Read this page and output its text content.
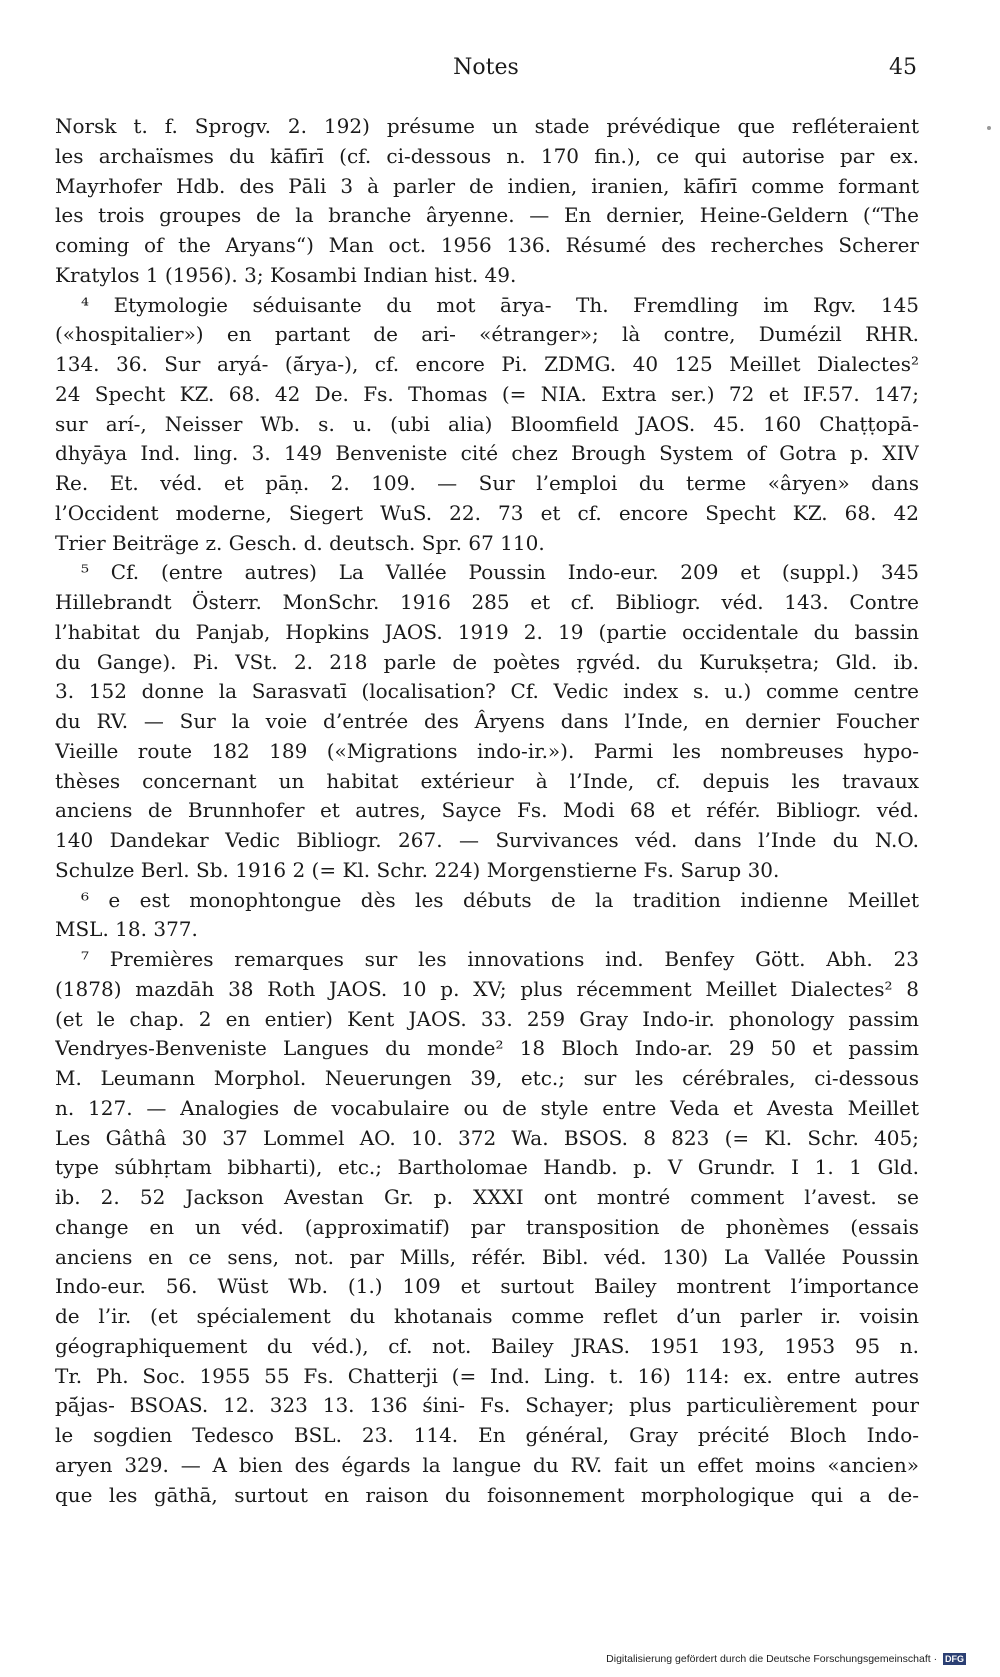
Notes	45
Norsk t. f. Sprogv. 2. 192) présume un stade prévédique que refléteraient
les archaïsmes du kāfīrī (cf. ci-dessous n. 170 fin.), ce qui autorise par ex.
Mayrhofer Hdb. des Pāli 3 à parler de indien, iranien, kāfīrī comme formant
les trois groupes de la branche âryenne. — En dernier, Heine-Geldern (“The
coming of the Aryans“) Man oct. 1956 136. Résumé des recherches Scherer
Kratylos 1 (1956). 3; Kosambi Indian hist. 49.
⁴ Etymologie séduisante du mot ārya- Th. Fremdling im Rgv. 145
(«hospitalier») en partant de ari- «étranger»; là contre, Dumézil RHR.
134. 36. Sur aryá- (ā́rya-), cf. encore Pi. ZDMG. 40 125 Meillet Dialectes²
24 Specht KZ. 68. 42 De. Fs. Thomas (= NIA. Extra ser.) 72 et IF.57. 147;
sur arí-, Neisser Wb. s. u. (ubi alia) Bloomfield JAOS. 45. 160 Chaṭṭopā-
dhyāya Ind. ling. 3. 149 Benveniste cité chez Brough System of Gotra p. XIV
Re. Et. véd. et pāṇ. 2. 109. — Sur l’emploi du terme «âryen» dans
l’Occident moderne, Siegert WuS. 22. 73 et cf. encore Specht KZ. 68. 42
Trier Beiträge z. Gesch. d. deutsch. Spr. 67 110.
⁵ Cf. (entre autres) La Vallée Poussin Indo-eur. 209 et (suppl.) 345
Hillebrandt Österr. MonSchr. 1916 285 et cf. Bibliogr. véd. 143. Contre
l’habitat du Panjab, Hopkins JAOS. 1919 2. 19 (partie occidentale du bassin
du Gange). Pi. VSt. 2. 218 parle de poètes ṛgvéd. du Kurukṣetra; Gld. ib.
3. 152 donne la Sarasvatī (localisation? Cf. Vedic index s. u.) comme centre
du RV. — Sur la voie d’entrée des Âryens dans l’Inde, en dernier Foucher
Vieille route 182 189 («Migrations indo-ir.»). Parmi les nombreuses hypo-
thèses concernant un habitat extérieur à l’Inde, cf. depuis les travaux
anciens de Brunnhofer et autres, Sayce Fs. Modi 68 et référ. Bibliogr. véd.
140 Dandekar Vedic Bibliogr. 267. — Survivances véd. dans l’Inde du N.O.
Schulze Berl. Sb. 1916 2 (= Kl. Schr. 224) Morgenstierne Fs. Sarup 30.
⁶ e est monophtongue dès les débuts de la tradition indienne Meillet
MSL. 18. 377.
⁷ Premières remarques sur les innovations ind. Benfey Gött. Abh. 23
(1878) mazdāh 38 Roth JAOS. 10 p. XV; plus récemment Meillet Dialectes² 8
(et le chap. 2 en entier) Kent JAOS. 33. 259 Gray Indo-ir. phonology passim
Vendryes-Benveniste Langues du monde² 18 Bloch Indo-ar. 29 50 et passim
M. Leumann Morphol. Neuerungen 39, etc.; sur les cérébrales, ci-dessous
n. 127. — Analogies de vocabulaire ou de style entre Veda et Avesta Meillet
Les Gâthâ 30 37 Lommel AO. 10. 372 Wa. BSOS. 8 823 (= Kl. Schr. 405;
type súbhṛtam bibharti), etc.; Bartholomae Handb. p. V Grundr. I 1. 1 Gld.
ib. 2. 52 Jackson Avestan Gr. p. XXXI ont montré comment l’avest. se
change en un véd. (approximatif) par transposition de phonèmes (essais
anciens en ce sens, not. par Mills, référ. Bibl. véd. 130) La Vallée Poussin
Indo-eur. 56. Wüst Wb. (1.) 109 et surtout Bailey montrent l’importance
de l’ir. (et spécialement du khotanais comme reflet d’un parler ir. voisin
géographiquement du véd.), cf. not. Bailey JRAS. 1951 193, 1953 95 n.
Tr. Ph. Soc. 1955 55 Fs. Chatterji (= Ind. Ling. t. 16) 114: ex. entre autres
pā́jas- BSOAS. 12. 323 13. 136 śini- Fs. Schayer; plus particulièrement pour
le sogdien Tedesco BSL. 23. 114. En général, Gray précité Bloch Indo-
aryen 329. — A bien des égards la langue du RV. fait un effet moins «ancien»
que les gāthā, surtout en raison du foisonnement morphologique qui a de-
Digitalisierung gefördert durch die Deutsche Forschungsgemeinschaft · DFG
